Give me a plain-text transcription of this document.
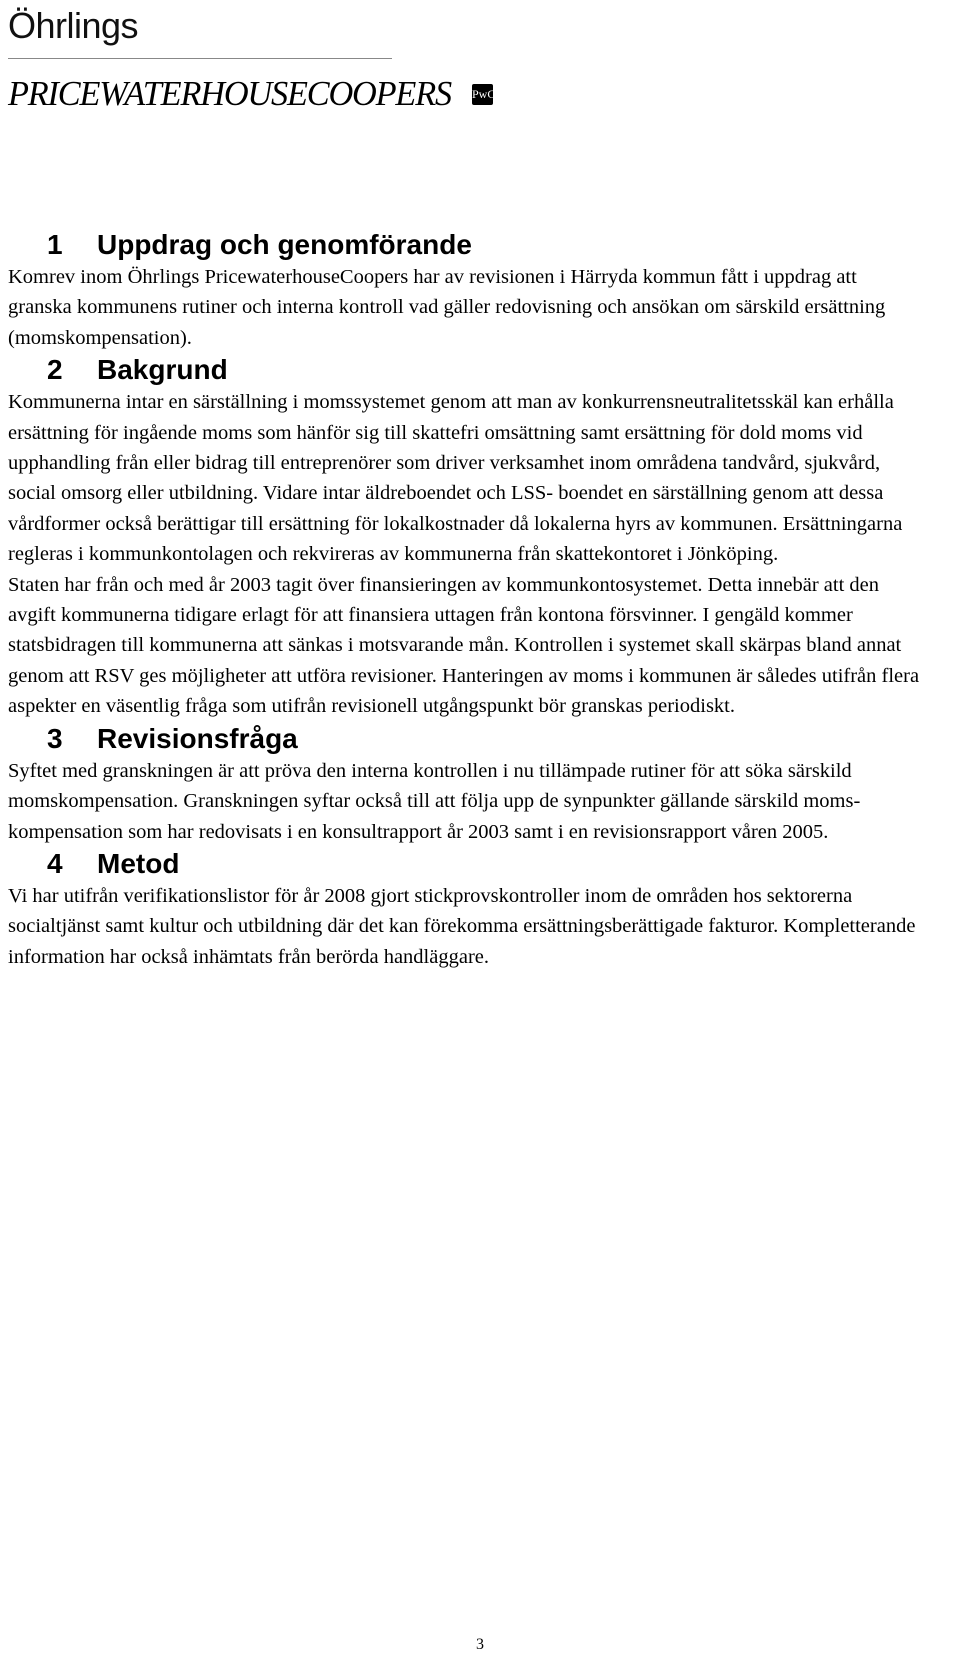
Öhrlings
PRICEWATERHOUSECOOPERS PwC
1	Uppdrag och genomförande

Komrev inom Öhrlings PricewaterhouseCoopers har av revisionen i Härryda kommun fått i uppdrag att granska kommunens rutiner och interna kontroll vad gäller redovisning och ansökan om särskild ersättning (momskompensation).

2	Bakgrund

Kommunerna intar en särställning i momssystemet genom att man av konkurrensneutralitetsskäl kan erhålla ersättning för ingående moms som hänför sig till skattefri omsättning samt ersättning för dold moms vid upphandling från eller bidrag till entreprenörer som driver verksamhet inom områdena tandvård, sjukvård, social omsorg eller utbildning. Vidare intar äldreboendet och LSS- boendet en särställning genom att dessa vårdformer också berättigar till ersättning för lokalkostnader då lokalerna hyrs av kommunen. Ersättningarna regleras i kommunkontolagen och rekvireras av kommunerna från skattekontoret i Jönköping.

Staten har från och med år 2003 tagit över finansieringen av kommunkontosystemet. Detta innebär att den avgift kommunerna tidigare erlagt för att finansiera uttagen från kontona försvinner. I gengäld kommer statsbidragen till kommunerna att sänkas i motsvarande mån. Kontrollen i systemet skall skärpas bland annat genom att RSV ges möjligheter att utföra revisioner. Hanteringen av moms i kommunen är således utifrån flera aspekter en väsentlig fråga som utifrån revisionell utgångspunkt bör granskas periodiskt.

3	Revisionsfråga

Syftet med granskningen är att pröva den interna kontrollen i nu tillämpade rutiner för att söka särskild momskompensation. Granskningen syftar också till att följa upp de synpunkter gällande särskild moms-kompensation som har redovisats i en konsultrapport år 2003 samt i en revisionsrapport våren 2005.

4	Metod

Vi har utifrån verifikationslistor för år 2008 gjort stickprovskontroller inom de områden hos sektorerna socialtjänst samt kultur och utbildning där det kan förekomma ersättningsberättigade fakturor. Kompletterande information har också inhämtats från berörda handläggare.

3
